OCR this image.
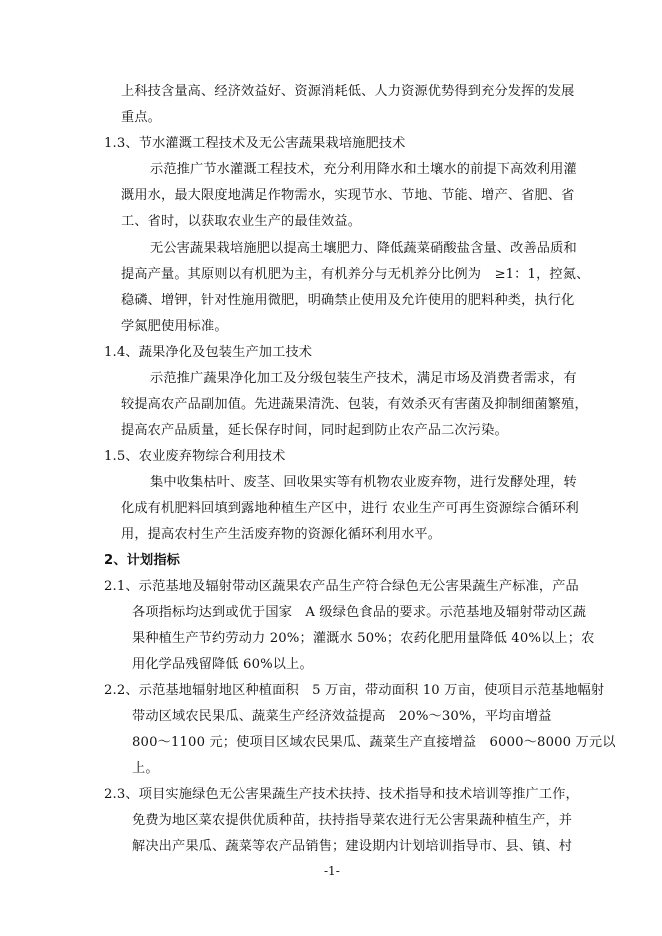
上科技含量高、经济效益好、资源消耗低、人力资源优势得到充分发挥的发展
重点。
1.3、节水灌溉工程技术及无公害蔬果栽培施肥技术
示范推广节水灌溉工程技术，充分利用降水和土壤水的前提下高效利用灌
溉用水，最大限度地满足作物需水，实现节水、节地、节能、增产、省肥、省
工、省时，以获取农业生产的最佳效益。
无公害蔬果栽培施肥以提高土壤肥力、降低蔬菜硝酸盐含量、改善品质和
提高产量。其原则以有机肥为主，有机养分与无机养分比例为　≥1：1，控氮、
稳磷、增钾，针对性施用微肥，明确禁止使用及允许使用的肥料种类，执行化
学氮肥使用标准。
1.4、蔬果净化及包装生产加工技术
示范推广蔬果净化加工及分级包装生产技术，满足市场及消费者需求，有
较提高农产品副加值。先进蔬果清洗、包装，有效杀灭有害菌及抑制细菌繁殖，
提高农产品质量，延长保存时间，同时起到防止农产品二次污染。
1.5、农业废弃物综合利用技术
集中收集枯叶、废茎、回收果实等有机物农业废弃物，进行发酵处理，转
化成有机肥料回填到露地种植生产区中，进行 农业生产可再生资源综合循环利
用，提高农村生产生活废弃物的资源化循环利用水平。
2、计划指标
2.1、示范基地及辐射带动区蔬果农产品生产符合绿色无公害果蔬生产标准，产品
各项指标均达到或优于国家　A 级绿色食品的要求。示范基地及辐射带动区蔬
果种植生产节约劳动力 20%；灌溉水 50%；农药化肥用量降低 40%以上；农
用化学品残留降低 60%以上。
2.2、示范基地辐射地区种植面积　5 万亩，带动面积 10 万亩，使项目示范基地幅射
带动区域农民果瓜、蔬菜生产经济效益提高　20%～30%，平均亩增益
800～1100 元；使项目区域农民果瓜、蔬菜生产直接增益　6000～8000 万元以
上。
2.3、项目实施绿色无公害果蔬生产技术扶持、技术指导和技术培训等推广工作，
免费为地区菜农提供优质种苗，扶持指导菜农进行无公害果蔬种植生产，并
解决出产果瓜、蔬菜等农产品销售；建设期内计划培训指导市、县、镇、村
-1-
